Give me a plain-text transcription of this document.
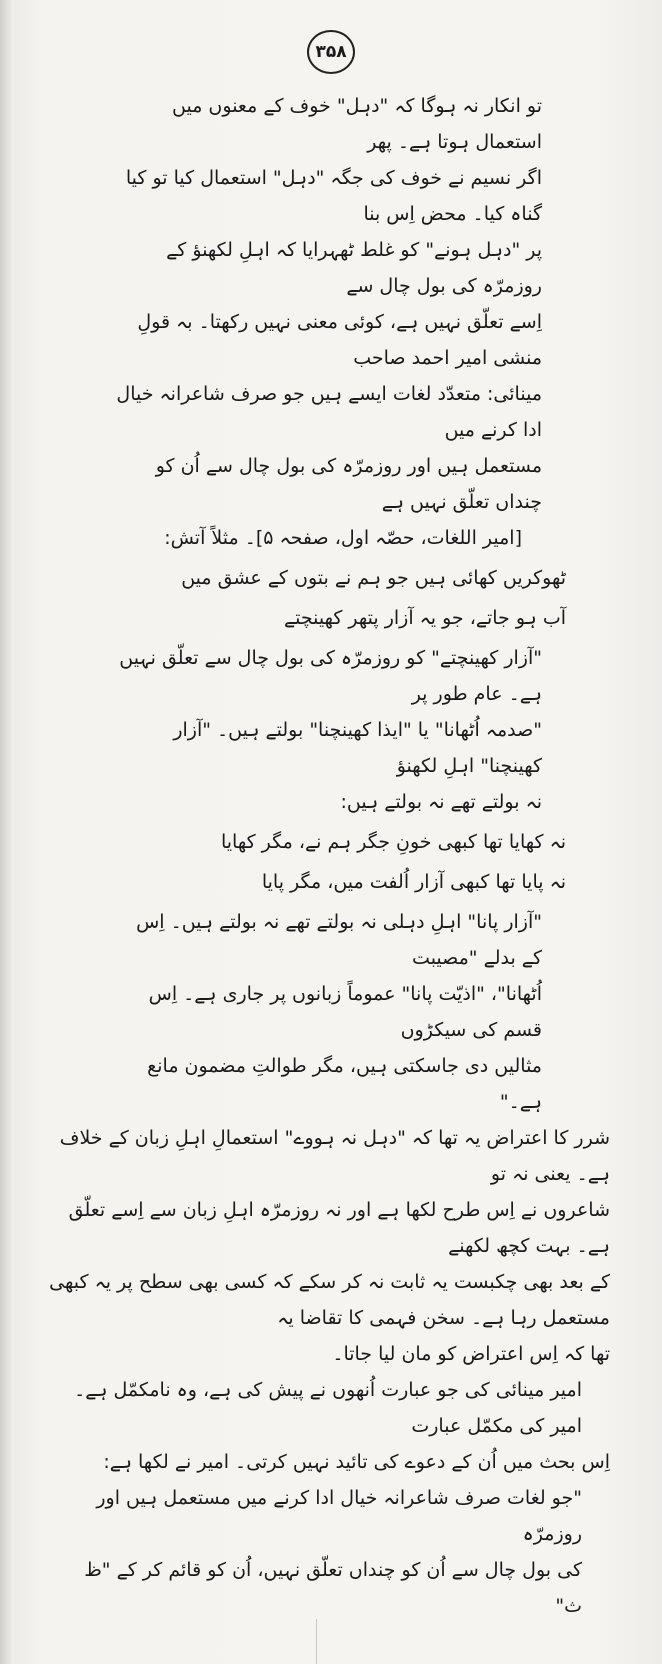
۳۵۸
تو انکار نہ ہوگا کہ "دہل" خوف کے معنوں میں استعمال ہوتا ہے۔ پھر
اگر نسیم نے خوف کی جگہ "دہل" استعمال کیا تو کیا گناہ کیا۔ محض اِس بنا
پر "دہل ہونے" کو غلط ٹھہرایا کہ اہلِ لکھنؤ کے روزمرّہ کی بول چال سے
اِسے تعلّق نہیں ہے، کوئی معنی نہیں رکھتا۔ بہ قولِ منشی امیر احمد صاحب
مینائی: متعدّد لغات ایسے ہیں جو صرف شاعرانہ خیال ادا کرنے میں
مستعمل ہیں اور روزمرّہ کی بول چال سے اُن کو چنداں تعلّق نہیں ہے
[امیر اللغات، حصّہ اول، صفحہ ۵]۔ مثلاً آتش:
ٹھوکریں کھائی ہیں جو ہم نے بتوں کے عشق میں
آب ہو جاتے، جو یہ آزار پتھر کھینچتے
"آزار کھینچتے" کو روزمرّہ کی بول چال سے تعلّق نہیں ہے۔ عام طور پر
"صدمہ اُٹھانا" یا "ایذا کھینچنا" بولتے ہیں۔ "آزار کھینچنا" اہلِ لکھنؤ
نہ بولتے تھے نہ بولتے ہیں:
نہ کھایا تھا کبھی خونِ جگر ہم نے، مگر کھایا
نہ پایا تھا کبھی آزار اُلفت میں، مگر پایا
"آزار پانا" اہلِ دہلی نہ بولتے تھے نہ بولتے ہیں۔ اِس کے بدلے "مصیبت
اُٹھانا"، "اذیّت پانا" عموماً زبانوں پر جاری ہے۔ اِس قسم کی سیکڑوں
مثالیں دی جاسکتی ہیں، مگر طوالتِ مضمون مانع ہے۔"
شرر کا اعتراض یہ تھا کہ "دہل نہ ہووے" استعمالِ اہلِ زبان کے خلاف ہے۔ یعنی نہ تو
شاعروں نے اِس طرح لکھا ہے اور نہ روزمرّہ اہلِ زبان سے اِسے تعلّق ہے۔ بہت کچھ لکھنے
کے بعد بھی چکبست یہ ثابت نہ کر سکے کہ کسی بھی سطح پر یہ کبھی مستعمل رہا ہے۔ سخن فہمی کا تقاضا یہ
تھا کہ اِس اعتراض کو مان لیا جاتا۔
امیر مینائی کی جو عبارت اُنھوں نے پیش کی ہے، وہ نامکمّل ہے۔ امیر کی مکمّل عبارت
اِس بحث میں اُن کے دعوے کی تائید نہیں کرتی۔ امیر نے لکھا ہے:
"جو لغات صرف شاعرانہ خیال ادا کرنے میں مستعمل ہیں اور روزمرّہ
کی بول چال سے اُن کو چنداں تعلّق نہیں، اُن کو قائم کر کے "ظ ث"
